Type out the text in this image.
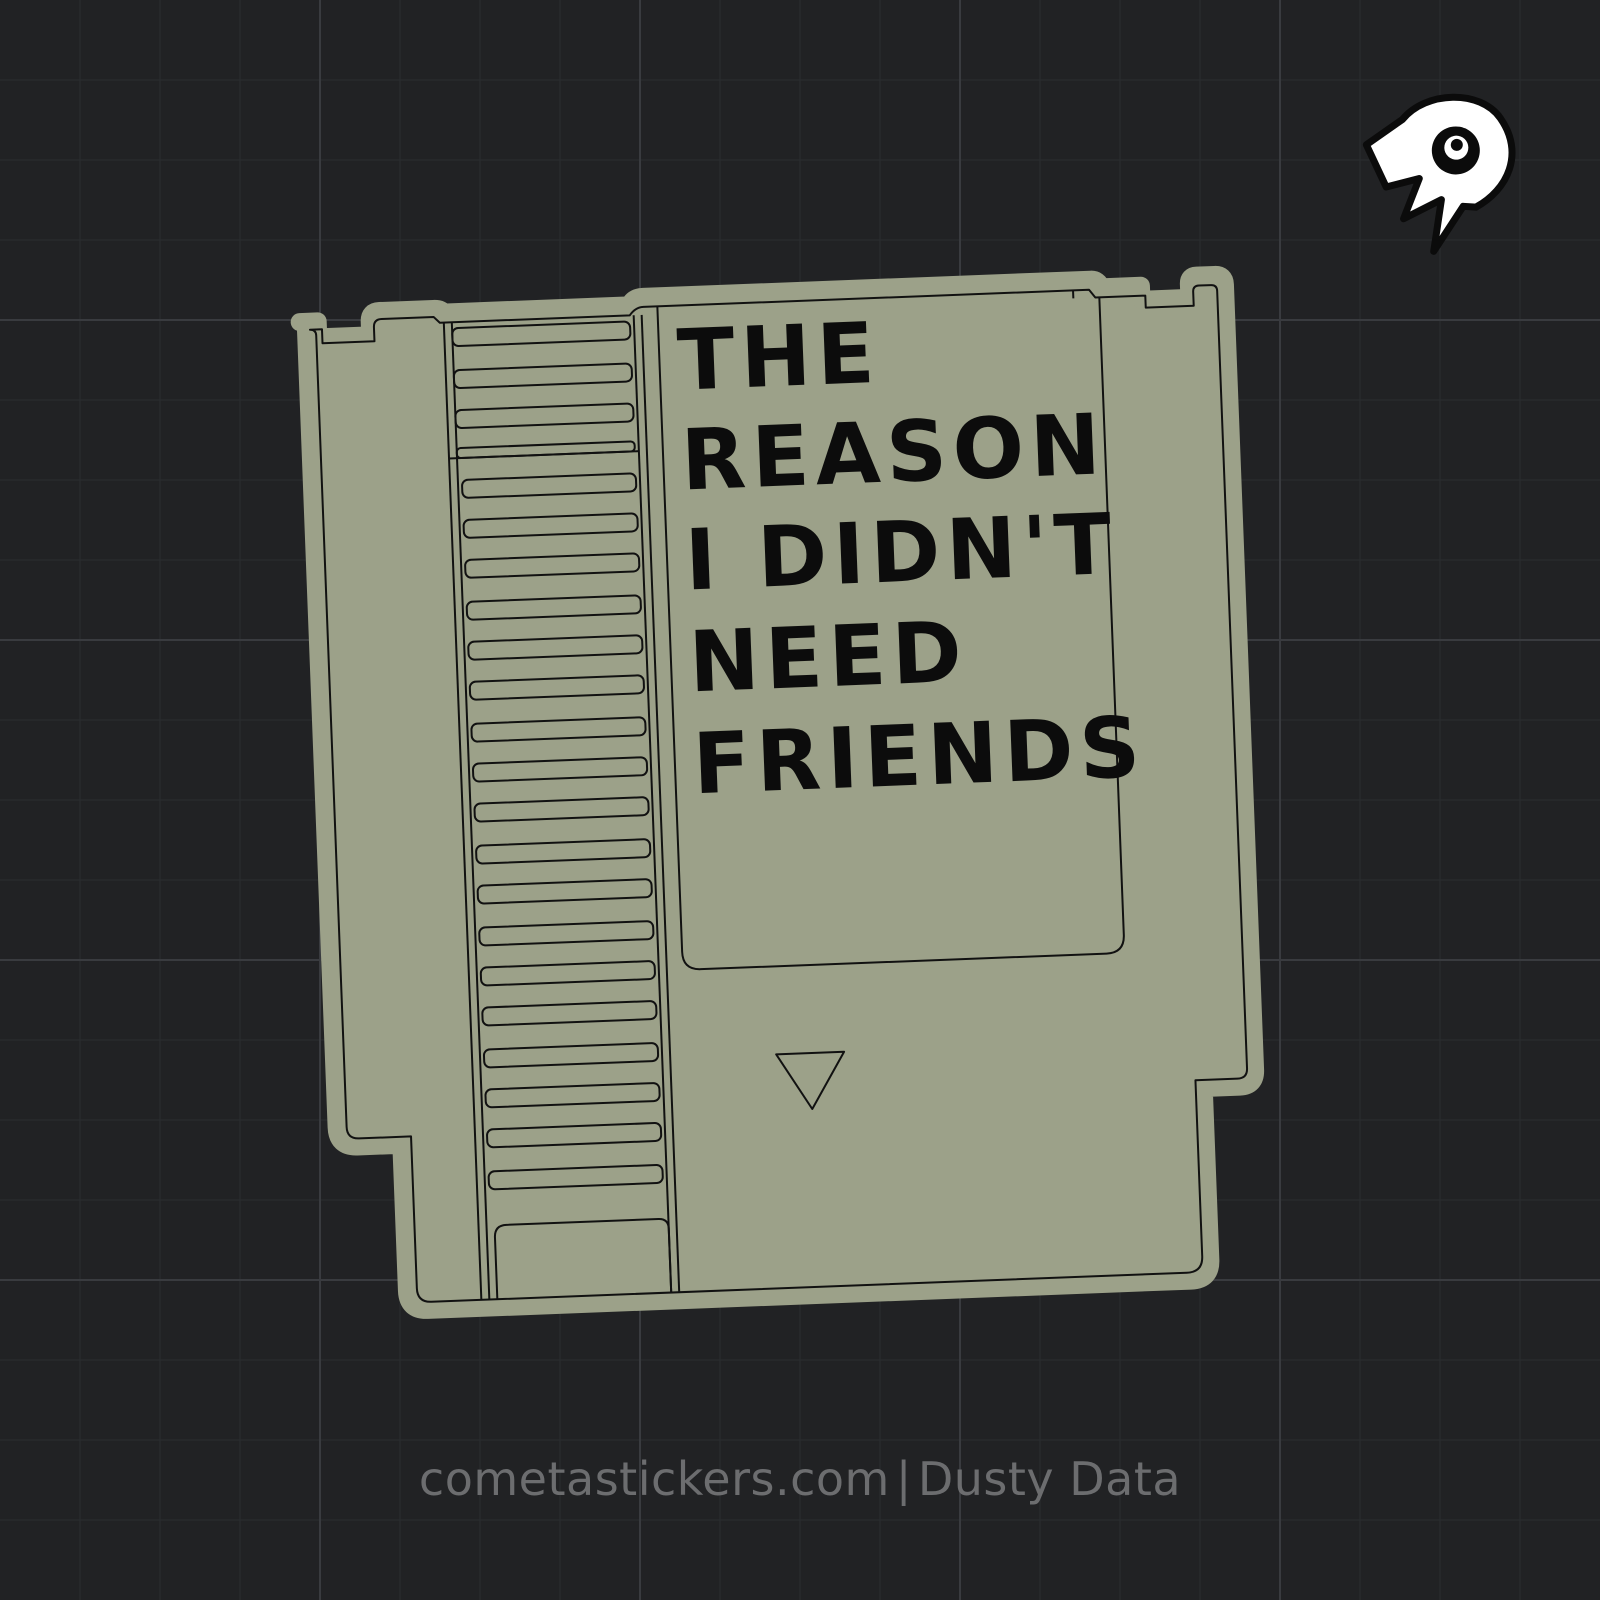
THE
REASON
I DIDN'T
NEED
FRIENDS
cometastickers.com | Dusty Data
